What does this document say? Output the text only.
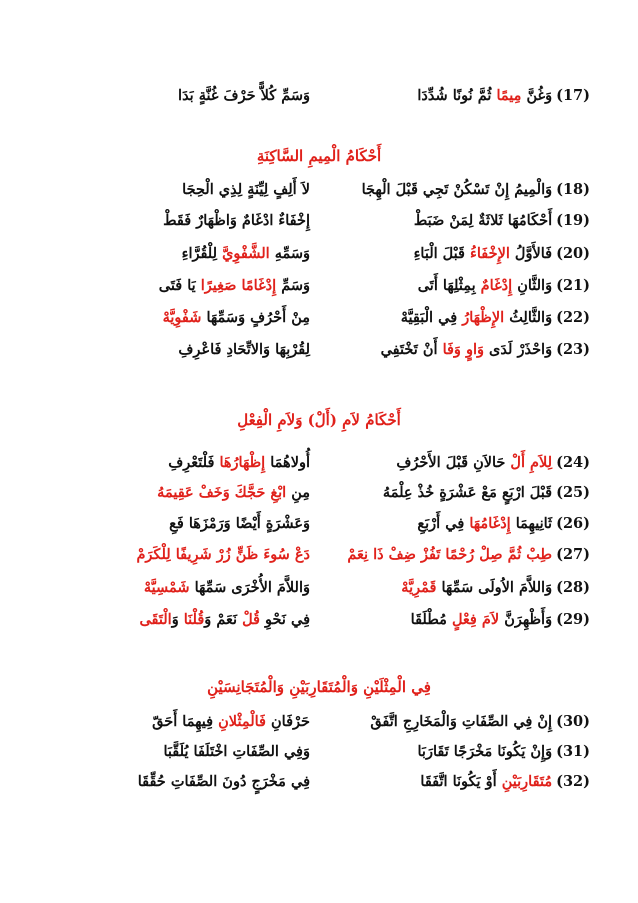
(17)وَغُنَّ مِيمًا ثُمَّ نُونًا شُدِّدَا
وَسَمِّ كُلاًّ حَرْفَ غُنَّةٍ بَدَا
أَحْكَامُ الْمِيمِ السَّاكِنَةِ
(18)وَالْمِيمُ إِنْ تَسْكُنْ تَجِي قَبْلَ الْهِجَا
لاَ أَلِفٍ لِيِّنَةٍ لِذِي الْحِجَا
(19)أَحْكَامُهَا ثَلاثَةٌ لِمَنْ ضَبَطْ
إِخْفَاءٌ ادْغَامٌ وَاظْهَارٌ فَقَطْ
(20)فَالأَوَّلُ الإِخْفَاءُ قَبْلَ الْبَاءِ
وَسَمِّهِ الشَّفْوِيَّ لِلْقُرَّاءِ
(21)وَالثَّانِ إِدْغَامٌ بِمِثْلِهَا أَتَى
وَسَمِّ إِدْغَامًا صَغِيرًا يَا فَتَى
(22)وَالثَّالِثُ الإِظْهَارُ فِي الْبَقِيَّهْ
مِنْ أَحْرُفٍ وَسَمِّهَا شَفْوِيَّهْ
(23)وَاحْذَرْ لَدَى وَاوٍ وَفَا أَنْ تَخْتَفِي
لِقُرْبِهَا وَالاتِّحَادِ فَاعْرِفِ
أَحْكَامُ لاَمِ (أَلْ) وَلاَمِ الْفِعْلِ
(24)لِلاَمِ أَلْ حَالاَنِ قَبْلَ الأَحْرُفِ
أُولاهُمَا إِظْهَارُهَا فَلْتَعْرِفِ
(25)قَبْلَ ارْبَعٍ مَعْ عَشْرَةٍ خُذْ عِلْمَهُ
مِنِ ابْغِ حَجَّكَ وَخَفْ عَقِيمَهُ
(26)ثَانِيهِمَا إِدْغَامُهَا فِي أَرْبَعِ
وَعَشْرَةٍ أَيْضًا وَرَمْزَهَا فَعِ
(27)طِبْ ثُمَّ صِلْ رُحْمًا تَفُزْ ضِفْ ذَا نِعَمْ
دَعْ سُوءَ ظَنٍّ زُرْ شَرِيفًا لِلْكَرَمْ
(28)وَاللاَّمَ الاُولَى سَمِّهَا قَمْرِيَّهْ
وَاللاَّمَ الأُخْرَى سَمِّهَا شَمْسِيَّهْ
(29)وَأَظْهِرَنَّ لاَمَ فِعْلٍ مُطْلَقَا
فِي نَحْوِ قُلْ نَعَمْ وَقُلْنَا وَالْتَقَى
فِي الْمِثْلَيْنِ وَالْمُتَقَارِبَيْنِ وَالْمُتَجَانِسَيْنِ
(30)إِنْ فِي الصِّفَاتِ وَالْمَخَارِجِ اتَّفَقْ
حَرْفَانِ فَالْمِثْلانِ فِيهِمَا أَحَقّ
(31)وَإِنْ يَكُونَا مَخْرَجًا تَقَارَبَا
وَفِي الصِّفَاتِ اخْتَلَفَا يُلَقَّبَا
(32)مُتَقَارِبَيْنِ أَوْ يَكُونَا اتَّفَقَا
فِي مَخْرَجٍ دُونَ الصِّفَاتِ حُقِّقَا
